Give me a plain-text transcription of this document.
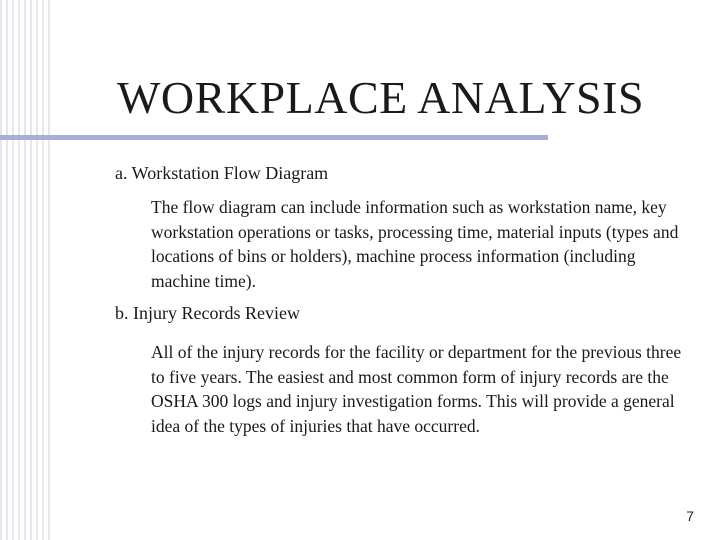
WORKPLACE ANALYSIS
a. Workstation Flow Diagram

The flow diagram can include information such as workstation name, key workstation operations or tasks, processing time, material inputs (types and locations of bins or holders), machine process information (including machine time).

b. Injury Records Review

All of the injury records for the facility or department for the previous three to five years. The easiest and most common form of injury records are the OSHA 300 logs and injury investigation forms. This will provide a general idea of the types of injuries that have occurred.

7
